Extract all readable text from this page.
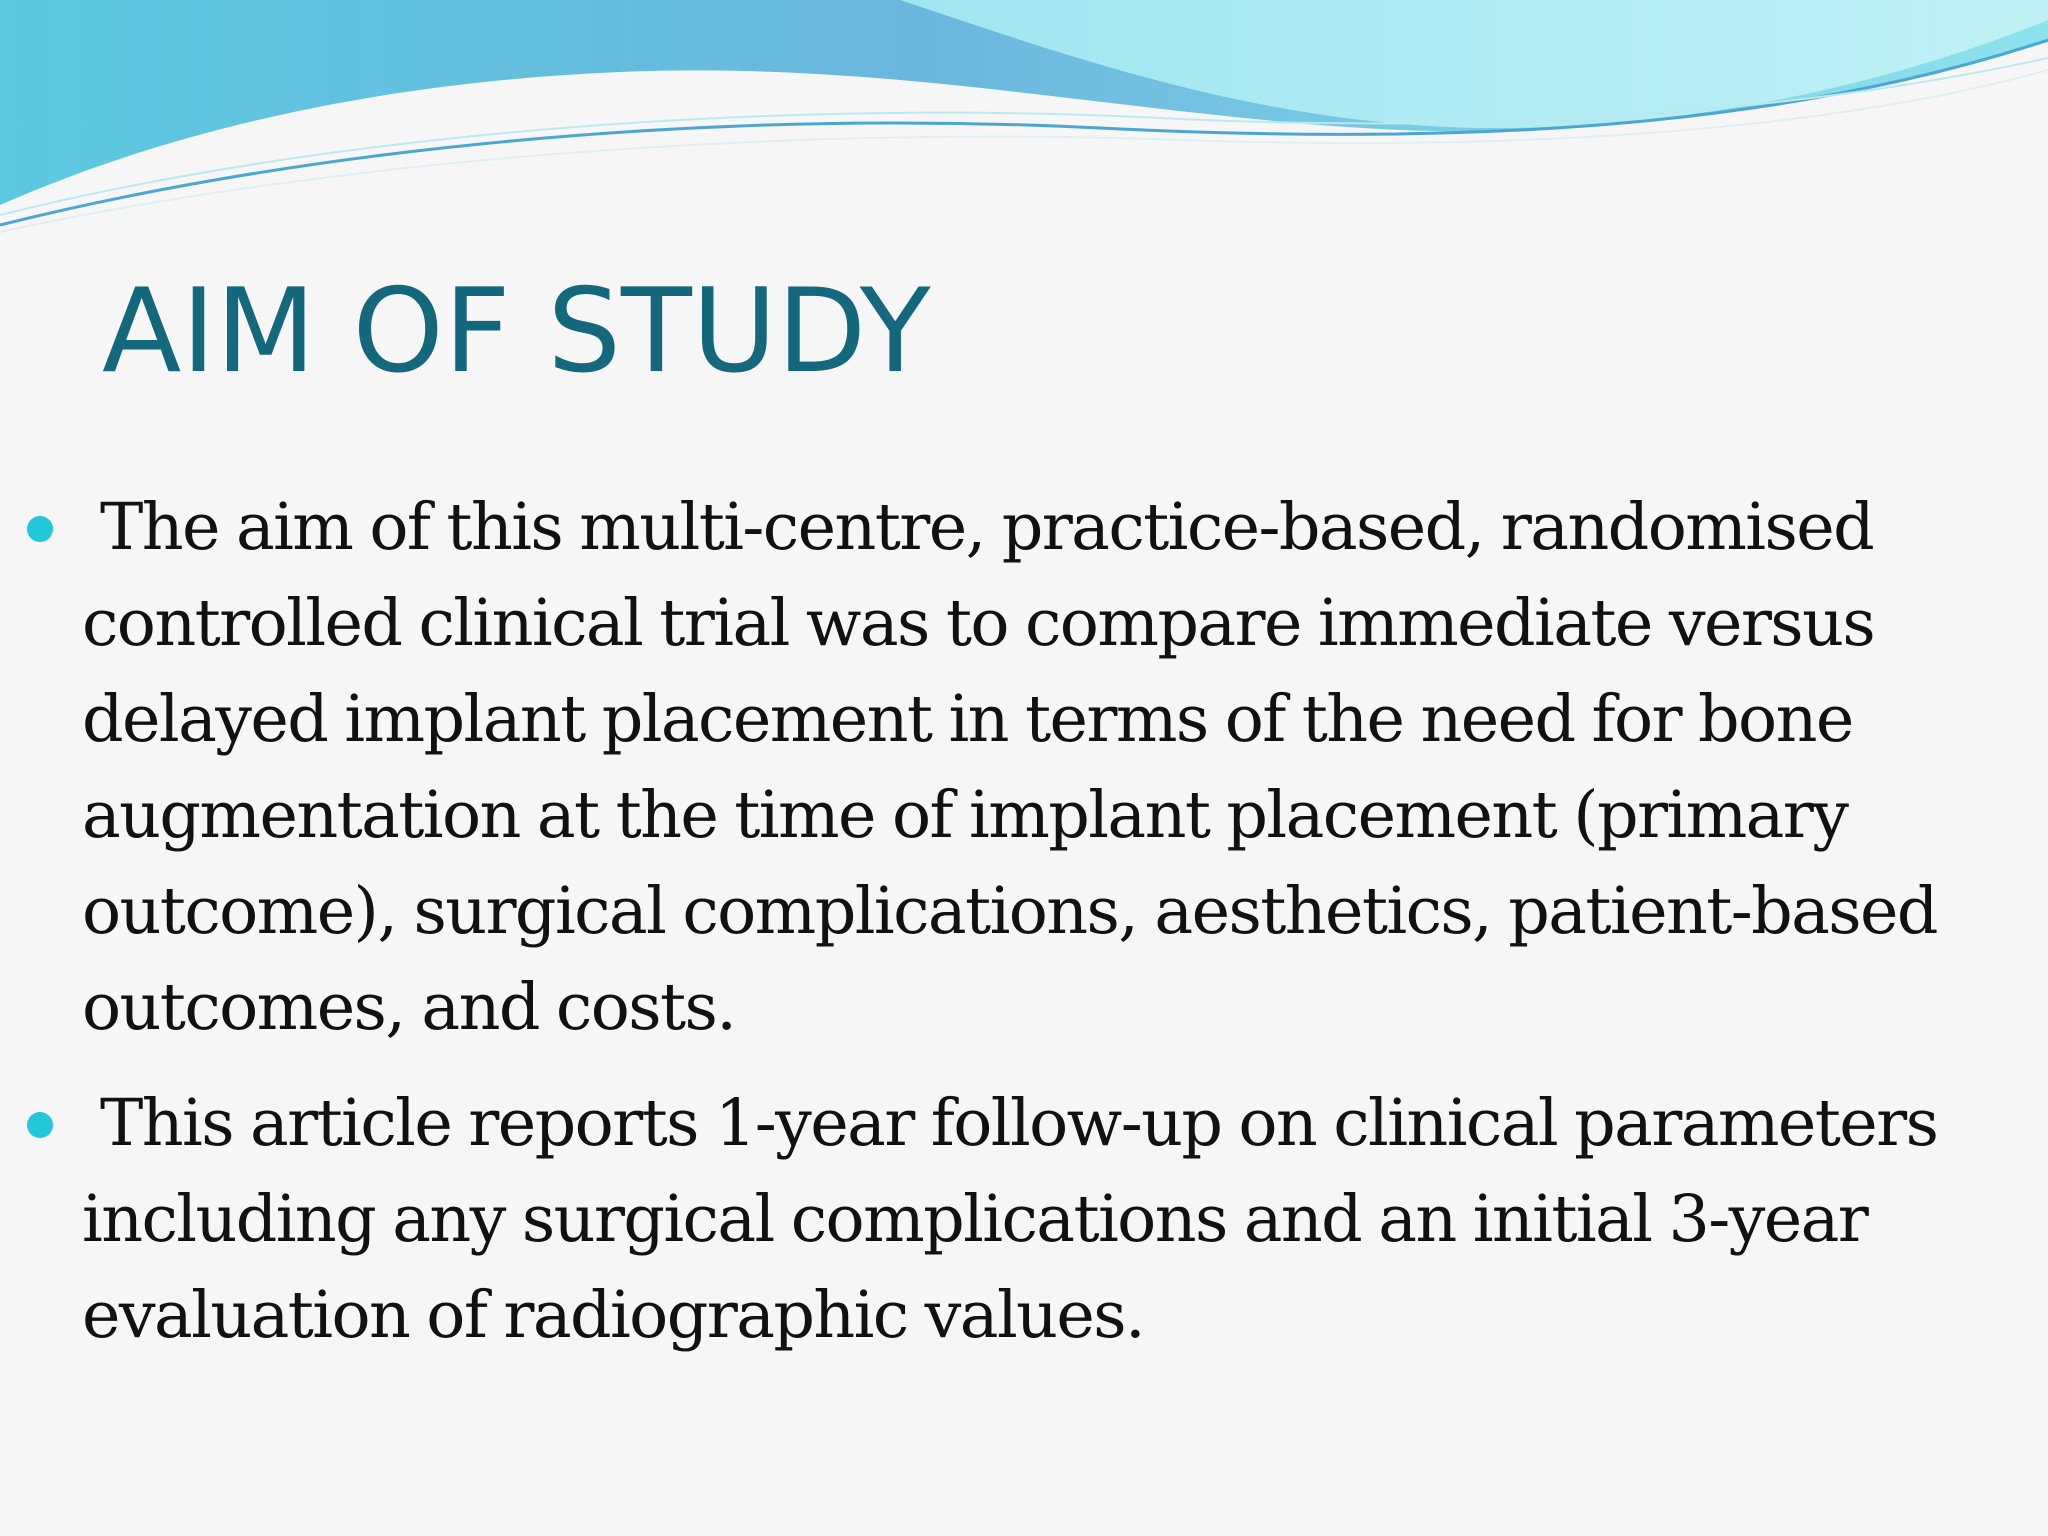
AIM OF STUDY
The aim of this multi-centre, practice-based, randomised controlled clinical trial was to compare immediate versus delayed implant placement in terms of the need for bone augmentation at the time of implant placement (primary outcome), surgical complications, aesthetics, patient-based outcomes, and costs.
This article reports 1-year follow-up on clinical parameters including any surgical complications and an initial 3-year evaluation of radiographic values.
